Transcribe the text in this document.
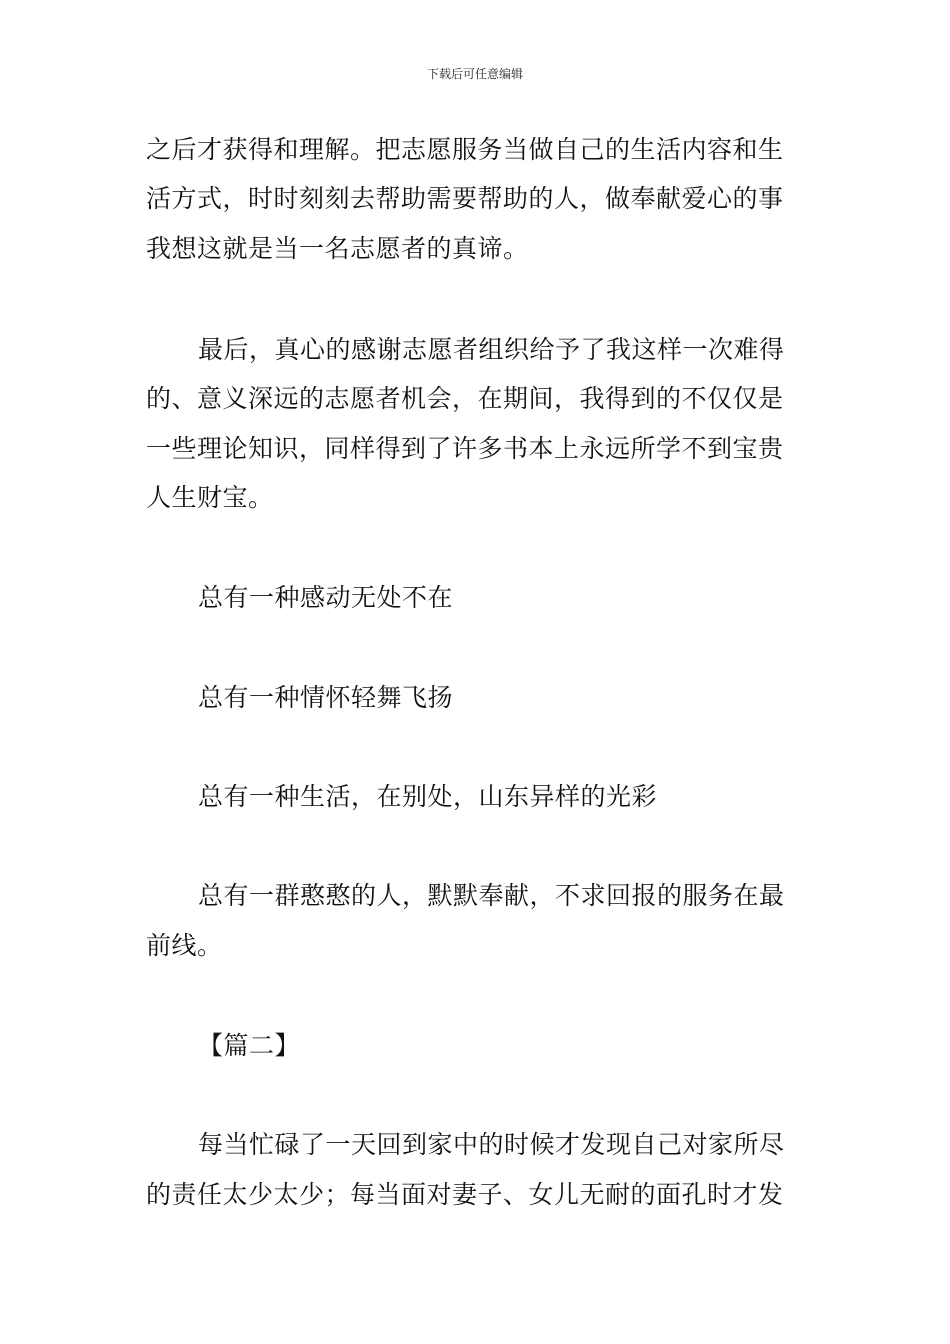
下载后可任意编辑
之后才获得和理解。把志愿服务当做自己的生活内容和生
活方式，时时刻刻去帮助需要帮助的人，做奉献爱心的事
我想这就是当一名志愿者的真谛。
最后，真心的感谢志愿者组织给予了我这样一次难得
的、意义深远的志愿者机会，在期间，我得到的不仅仅是
一些理论知识，同样得到了许多书本上永远所学不到宝贵
人生财宝。
总有一种感动无处不在
总有一种情怀轻舞飞扬
总有一种生活，在别处，山东异样的光彩
总有一群憨憨的人，默默奉献，不求回报的服务在最
前线。
【篇二】
每当忙碌了一天回到家中的时候才发现自己对家所尽
的责任太少太少；每当面对妻子、女儿无耐的面孔时才发
